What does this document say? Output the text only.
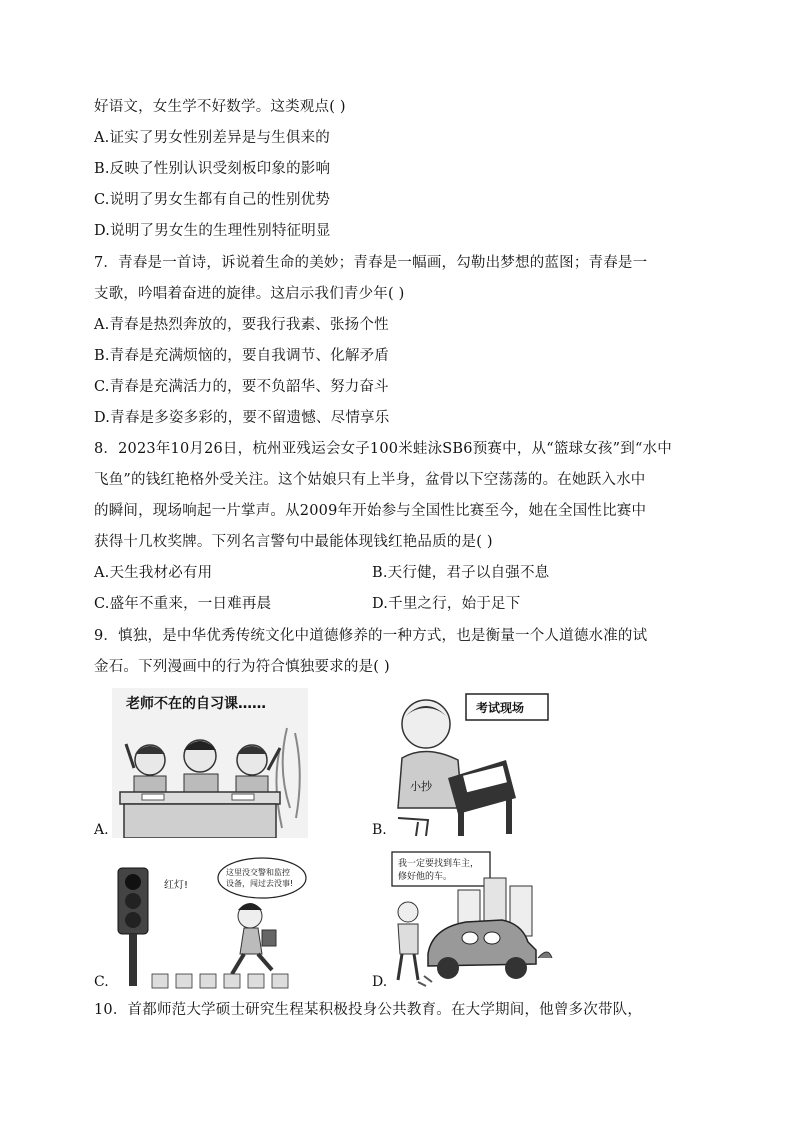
好语文，女生学不好数学。这类观点( )
A.证实了男女性别差异是与生俱来的
B.反映了性别认识受刻板印象的影响
C.说明了男女生都有自己的性别优势
D.说明了男女生的生理性别特征明显
7．青春是一首诗，诉说着生命的美妙；青春是一幅画，勾勒出梦想的蓝图；青春是一
支歌，吟唱着奋进的旋律。这启示我们青少年( )
A.青春是热烈奔放的，要我行我素、张扬个性
B.青春是充满烦恼的，要自我调节、化解矛盾
C.青春是充满活力的，要不负韶华、努力奋斗
D.青春是多姿多彩的，要不留遗憾、尽情享乐
8．2023年10月26日，杭州亚残运会女子100米蛙泳SB6预赛中，从“篮球女孩”到“水中
飞鱼”的钱红艳格外受关注。这个姑娘只有上半身，盆骨以下空荡荡的。在她跃入水中
的瞬间，现场响起一片掌声。从2009年开始参与全国性比赛至今，她在全国性比赛中
获得十几枚奖牌。下列名言警句中最能体现钱红艳品质的是( )
A.天生我材必有用	B.天行健，君子以自强不息
C.盛年不重来，一日难再晨	D.千里之行，始于足下
9．慎独，是中华优秀传统文化中道德修养的一种方式，也是衡量一个人道德水准的试
金石。下列漫画中的行为符合慎独要求的是( )
老师不在的自习课……
A.
考试现场
小抄
B.
红灯!
这里没交警和监控
设备，闯过去没事!
C.
我一定要找到车主，
修好他的车。
D.
10．首都师范大学硕士研究生程某积极投身公共教育。在大学期间，他曾多次带队，
